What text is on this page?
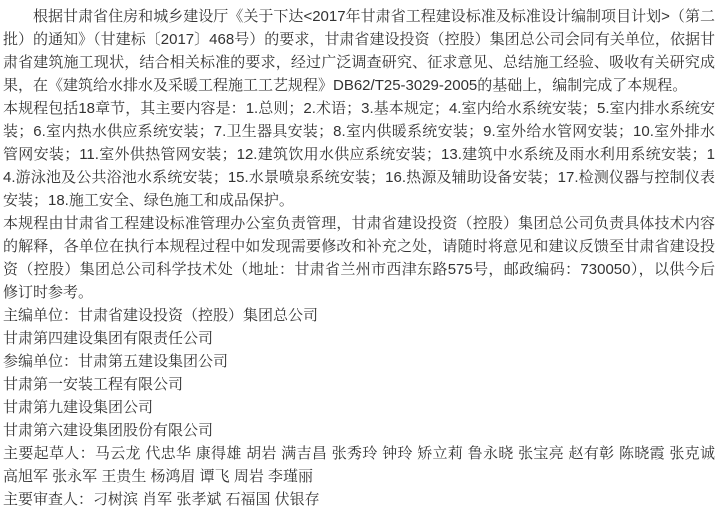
根据甘肃省住房和城乡建设厅《关于下达<2017年甘肃省工程建设标准及标准设计编制项目计划>（第二批）的通知》（甘建标〔2017〕468号）的要求，甘肃省建设投资（控股）集团总公司会同有关单位，依据甘肃省建筑施工现状，结合相关标准的要求，经过广泛调查研究、征求意见、总结施工经验、吸收有关研究成果，在《建筑给水排水及采暖工程施工工艺规程》DB62/T25-3029-2005的基础上，编制完成了本规程。

本规程包括18章节，其主要内容是：1.总则；2.术语；3.基本规定；4.室内给水系统安装；5.室内排水系统安装；6.室内热水供应系统安装；7.卫生器具安装；8.室内供暖系统安装；9.室外给水管网安装；10.室外排水管网安装；11.室外供热管网安装；12.建筑饮用水供应系统安装；13.建筑中水系统及雨水利用系统安装；14.游泳池及公共浴池水系统安装；15.水景喷泉系统安装；16.热源及辅助设备安装；17.检测仪器与控制仪表安装；18.施工安全、绿色施工和成品保护。

本规程由甘肃省工程建设标准管理办公室负责管理，甘肃省建设投资（控股）集团总公司负责具体技术内容的解释，各单位在执行本规程过程中如发现需要修改和补充之处，请随时将意见和建议反馈至甘肃省建设投资（控股）集团总公司科学技术处（地址：甘肃省兰州市西津东路575号，邮政编码：730050），以供今后修订时参考。

主编单位：甘肃省建设投资（控股）集团总公司

甘肃第四建设集团有限责任公司

参编单位：甘肃第五建设集团公司

甘肃第一安装工程有限公司

甘肃第九建设集团公司

甘肃第六建设集团股份有限公司

主要起草人：马云龙 代忠华 康得雄 胡岩 满吉昌 张秀玲 钟玲 矫立莉 鲁永晓 张宝亮 赵有彰 陈晓霞 张克诚 高旭军 张永军 王贵生 杨鸿眉 谭飞 周岩 李瑾丽

主要审查人：刁树滨 肖军 张孝斌 石福国 伏银存
